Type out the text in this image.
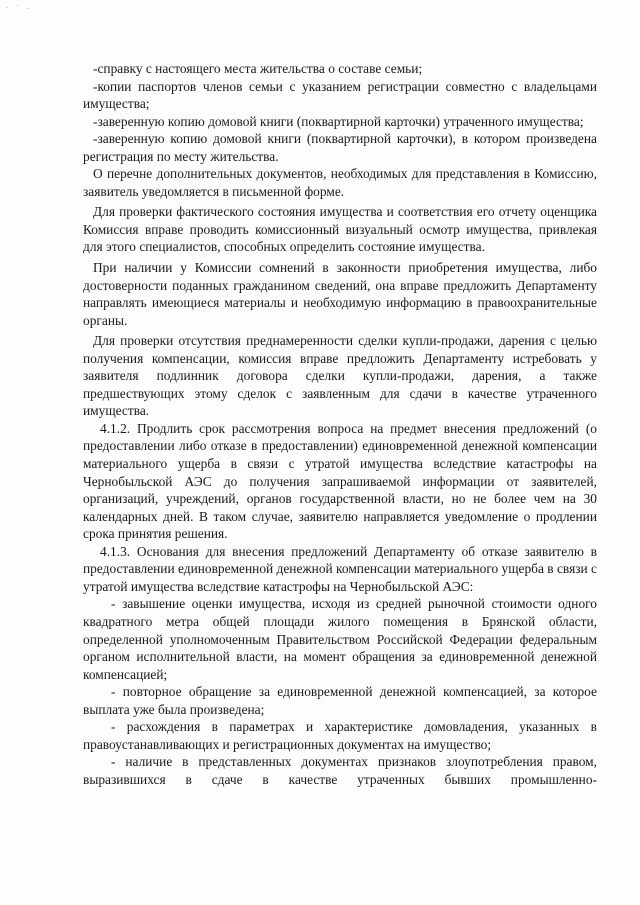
· ′ ₋

-справку с настоящего места жительства о составе семьи;

-копии паспортов членов семьи с указанием регистрации совместно с владельцами имущества;

-заверенную копию домовой книги (поквартирной карточки) утраченного имущества;

-заверенную копию домовой книги (поквартирной карточки), в котором произведена регистрация по месту жительства.

О перечне дополнительных документов, необходимых для представления в Комиссию, заявитель уведомляется в письменной форме.

Для проверки фактического состояния имущества и соответствия его отчету оценщика Комиссия вправе проводить комиссионный визуальный осмотр имущества, привлекая для этого специалистов, способных определить состояние имущества.

При наличии у Комиссии сомнений в законности приобретения имущества, либо достоверности поданных гражданином сведений, она вправе предложить Департаменту направлять имеющиеся материалы и необходимую информацию в правоохранительные органы.

Для проверки отсутствия преднамеренности сделки купли-продажи, дарения с целью получения компенсации, комиссия вправе предложить Департаменту истребовать у заявителя подлинник договора сделки купли-продажи, дарения, а также предшествующих этому сделок с заявленным для сдачи в качестве утраченного имущества.

4.1.2. Продлить срок рассмотрения вопроса на предмет внесения предложений (о предоставлении либо отказе в предоставлении) единовременной денежной компенсации материального ущерба в связи с утратой имущества вследствие катастрофы на Чернобыльской АЭС до получения запрашиваемой информации от заявителей, организаций, учреждений, органов государственной власти, но не более чем на 30 календарных дней. В таком случае, заявителю направляется уведомление о продлении срока принятия решения.

4.1.3. Основания для внесения предложений Департаменту об отказе заявителю в предоставлении единовременной денежной компенсации материального ущерба в связи с утратой имущества вследствие катастрофы на Чернобыльской АЭС:

- завышение оценки имущества, исходя из средней рыночной стоимости одного квадратного метра общей площади жилого помещения в Брянской области, определенной уполномоченным Правительством Российской Федерации федеральным органом исполнительной власти, на момент обращения за единовременной денежной компенсацией;

- повторное обращение за единовременной денежной компенсацией, за которое выплата уже была произведена;

- расхождения в параметрах и характеристике домовладения, указанных в правоустанавливающих и регистрационных документах на имущество;

- наличие в представленных документах признаков злоупотребления правом, выразившихся в сдаче в качестве утраченных бывших промышленно-
